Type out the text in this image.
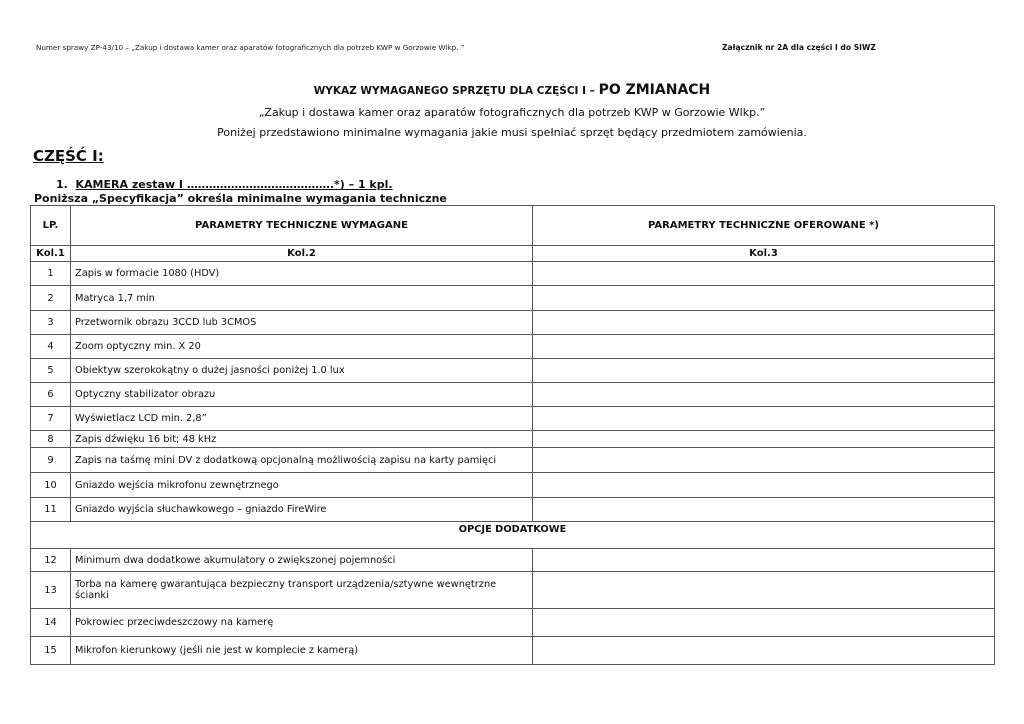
Numer sprawy ZP-43/10 – „Zakup i dostawa kamer oraz aparatów fotograficznych dla potrzeb KWP w Gorzowie Wlkp. ”	Załącznik nr 2A dla części I do SIWZ
WYKAZ WYMAGANEGO SPRZĘTU DLA CZĘŚCI I – PO ZMIANACH
„Zakup i dostawa kamer oraz aparatów fotograficznych dla potrzeb KWP w Gorzowie Wlkp.”
Poniżej przedstawiono minimalne wymagania jakie musi spełniać sprzęt będący przedmiotem zamówienia.
CZĘŚĆ I:
1. KAMERA zestaw I ………………………………….*) – 1 kpl.
Poniższa „Specyfikacja” określa minimalne wymagania techniczne
LP.	PARAMETRY TECHNICZNE WYMAGANE	PARAMETRY TECHNICZNE OFEROWANE *)
Kol.1	Kol.2	Kol.3
1	Zapis w formacie 1080 (HDV)	
2	Matryca 1,7 min	
3	Przetwornik obrazu 3CCD lub 3CMOS	
4	Zoom optyczny min. X 20	
5	Obiektyw szerokokątny o dużej jasności poniżej 1.0 lux	
6	Optyczny stabilizator obrazu	
7	Wyświetlacz LCD min. 2,8”	
8	Zapis dźwięku 16 bit; 48 kHz	
9	Zapis na taśmę mini DV z dodatkową opcjonalną możliwością zapisu na karty pamięci	
10	Gniazdo wejścia mikrofonu zewnętrznego	
11	Gniazdo wyjścia słuchawkowego – gniazdo FireWire	
OPCJE DODATKOWE		
12	Minimum dwa dodatkowe akumulatory o zwiększonej pojemności	
13	Torba na kamerę gwarantująca bezpieczny transport urządzenia/sztywne wewnętrzne ścianki	
14	Pokrowiec przeciwdeszczowy na kamerę	
15	Mikrofon kierunkowy (jeśli nie jest w komplecie z kamerą)	
